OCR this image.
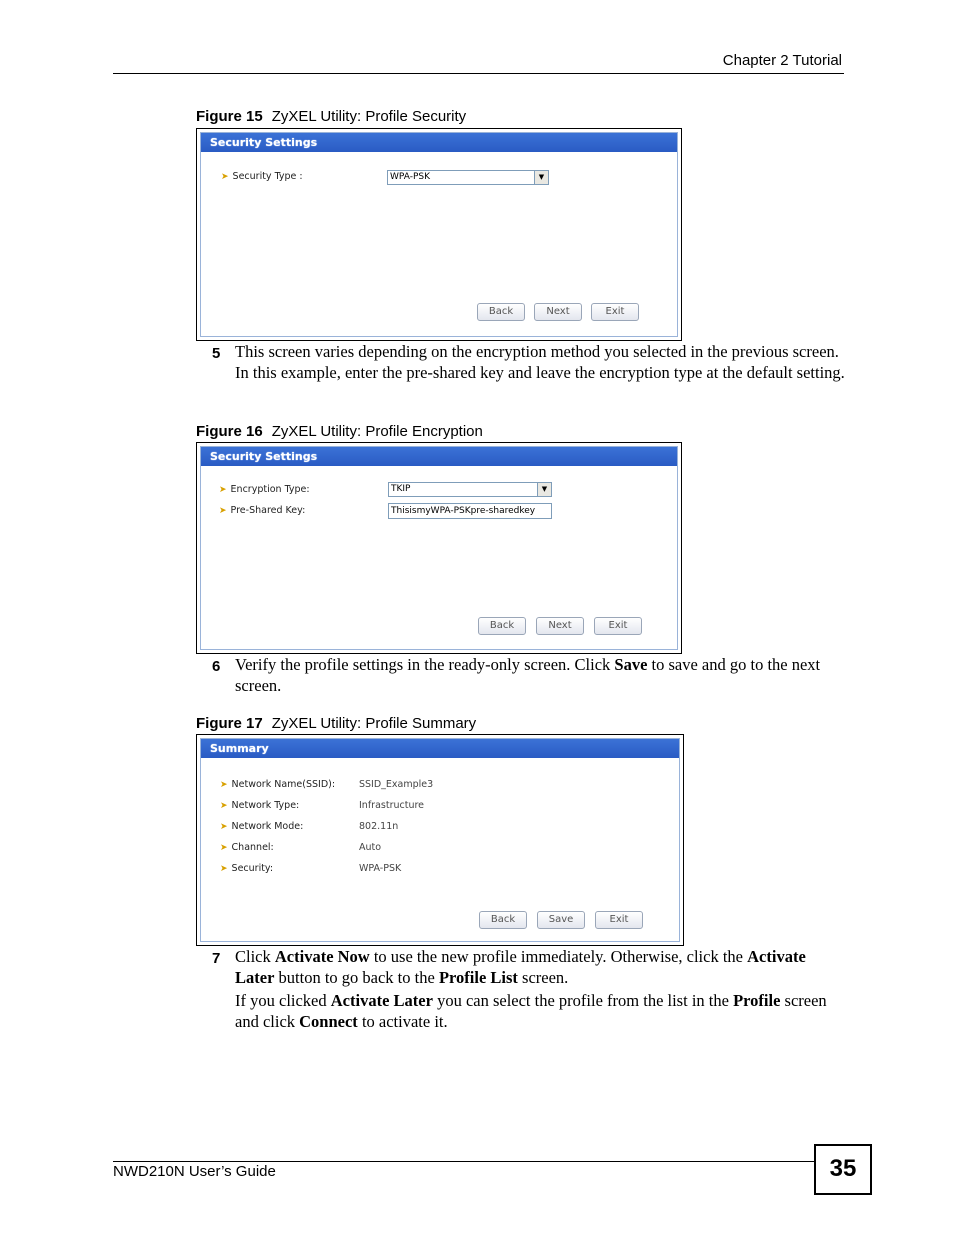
Chapter 2 Tutorial
Figure 15 ZyXEL Utility: Profile Security
Security Settings
➤ Security Type :	WPA-PSK	▼
Back	Next	Exit
5 This screen varies depending on the encryption method you selected in the previous screen. In this example, enter the pre-shared key and leave the encryption type at the default setting.
Figure 16 ZyXEL Utility: Profile Encryption
Security Settings
➤ Encryption Type:	TKIP	▼
➤ Pre-Shared Key:	ThisismyWPA-PSKpre-sharedkey
Back	Next	Exit
6 Verify the profile settings in the ready-only screen. Click Save to save and go to the next screen.
Figure 17 ZyXEL Utility: Profile Summary
Summary
➤ Network Name(SSID):	SSID_Example3
➤ Network Type:	Infrastructure
➤ Network Mode:	802.11n
➤ Channel:	Auto
➤ Security:	WPA-PSK
Back	Save	Exit
7 Click Activate Now to use the new profile immediately. Otherwise, click the Activate Later button to go back to the Profile List screen.
If you clicked Activate Later you can select the profile from the list in the Profile screen and click Connect to activate it.
NWD210N User’s Guide	35
